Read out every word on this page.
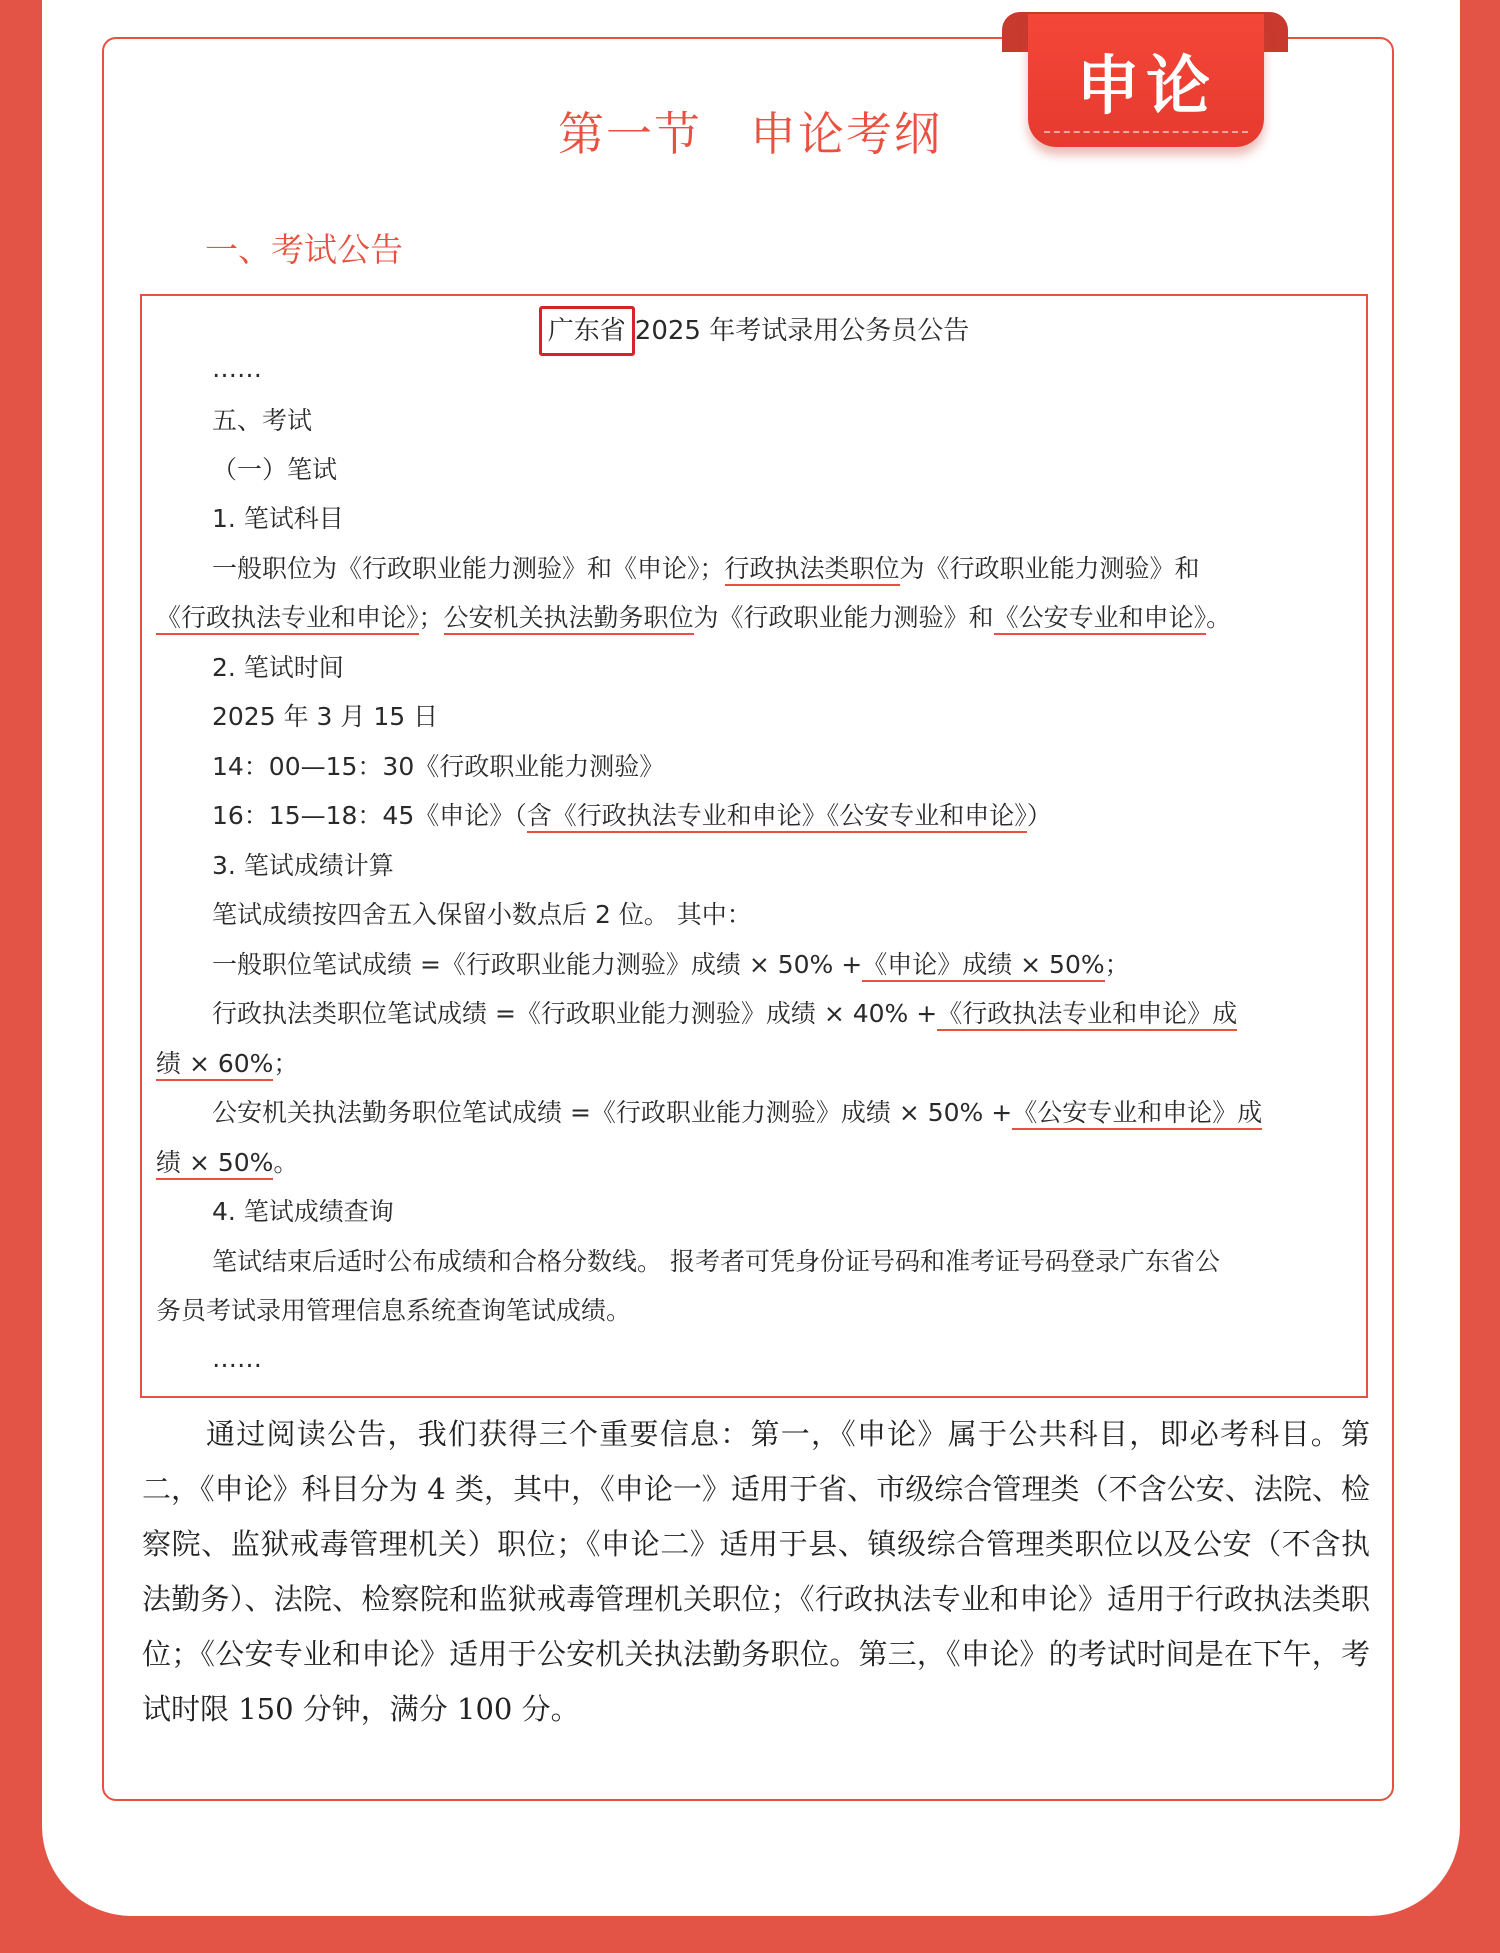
申论
第一节　申论考纲
一、考试公告
广东省 2025 年考试录用公务员公告
……
五、考试
（一）笔试
1. 笔试科目
一般职位为《行政职业能力测验》和《申论》；行政执法类职位为《行政职业能力测验》和
《行政执法专业和申论》；公安机关执法勤务职位为《行政职业能力测验》和《公安专业和申论》。
2. 笔试时间
2025 年 3 月 15 日
14：00—15：30《行政职业能力测验》
16：15—18：45《申论》（含《行政执法专业和申论》《公安专业和申论》）
3. 笔试成绩计算
笔试成绩按四舍五入保留小数点后 2 位。 其中：
一般职位笔试成绩 =《行政职业能力测验》成绩 × 50% +《申论》成绩 × 50%；
行政执法类职位笔试成绩 =《行政职业能力测验》成绩 × 40% +《行政执法专业和申论》成
绩 × 60%；
公安机关执法勤务职位笔试成绩 =《行政职业能力测验》成绩 × 50% +《公安专业和申论》成
绩 × 50%。
4. 笔试成绩查询
笔试结束后适时公布成绩和合格分数线。 报考者可凭身份证号码和准考证号码登录广东省公
务员考试录用管理信息系统查询笔试成绩。
……

通过阅读公告，我们获得三个重要信息：第一，《申论》属于公共科目，即必考科目。第二，《申论》科目分为 4 类，其中，《申论一》适用于省、市级综合管理类（不含公安、法院、检察院、监狱戒毒管理机关）职位；《申论二》适用于县、镇级综合管理类职位以及公安（不含执法勤务）、法院、检察院和监狱戒毒管理机关职位；《行政执法专业和申论》适用于行政执法类职位；《公安专业和申论》适用于公安机关执法勤务职位。第三，《申论》的考试时间是在下午，考试时限 150 分钟，满分 100 分。
